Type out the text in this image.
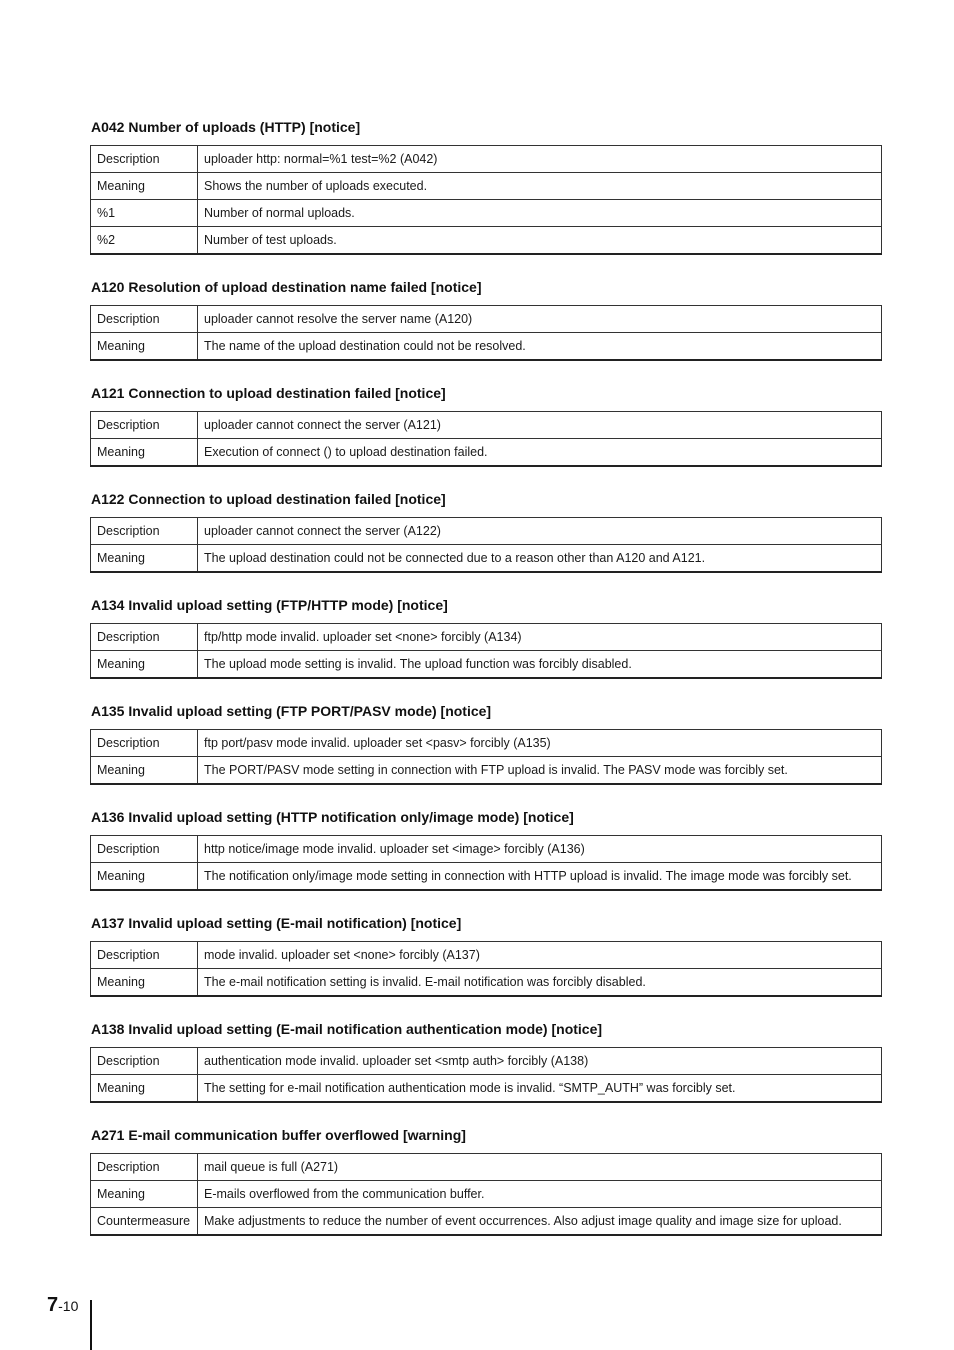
A042 Number of uploads (HTTP) [notice]
Description	uploader http: normal=%1 test=%2 (A042)
Meaning	Shows the number of uploads executed.
%1	Number of normal uploads.
%2	Number of test uploads.
A120 Resolution of upload destination name failed [notice]
Description	uploader cannot resolve the server name (A120)
Meaning	The name of the upload destination could not be resolved.
A121 Connection to upload destination failed [notice]
Description	uploader cannot connect the server (A121)
Meaning	Execution of connect () to upload destination failed.
A122 Connection to upload destination failed [notice]
Description	uploader cannot connect the server (A122)
Meaning	The upload destination could not be connected due to a reason other than A120 and A121.
A134 Invalid upload setting (FTP/HTTP mode) [notice]
Description	ftp/http mode invalid. uploader set <none> forcibly (A134)
Meaning	The upload mode setting is invalid. The upload function was forcibly disabled.
A135 Invalid upload setting (FTP PORT/PASV mode) [notice]
Description	ftp port/pasv mode invalid. uploader set <pasv> forcibly (A135)
Meaning	The PORT/PASV mode setting in connection with FTP upload is invalid. The PASV mode was forcibly set.
A136 Invalid upload setting (HTTP notification only/image mode) [notice]
Description	http notice/image mode invalid. uploader set <image> forcibly (A136)
Meaning	The notification only/image mode setting in connection with HTTP upload is invalid. The image mode was forcibly set.
A137 Invalid upload setting (E-mail notification) [notice]
Description	mode invalid. uploader set <none> forcibly (A137)
Meaning	The e-mail notification setting is invalid. E-mail notification was forcibly disabled.
A138 Invalid upload setting (E-mail notification authentication mode) [notice]
Description	authentication mode invalid. uploader set <smtp auth> forcibly (A138)
Meaning	The setting for e-mail notification authentication mode is invalid. “SMTP_AUTH” was forcibly set.
A271 E-mail communication buffer overflowed [warning]
Description	mail queue is full (A271)
Meaning	E-mails overflowed from the communication buffer.
Countermeasure	Make adjustments to reduce the number of event occurrences. Also adjust image quality and image size for upload.
7-10
